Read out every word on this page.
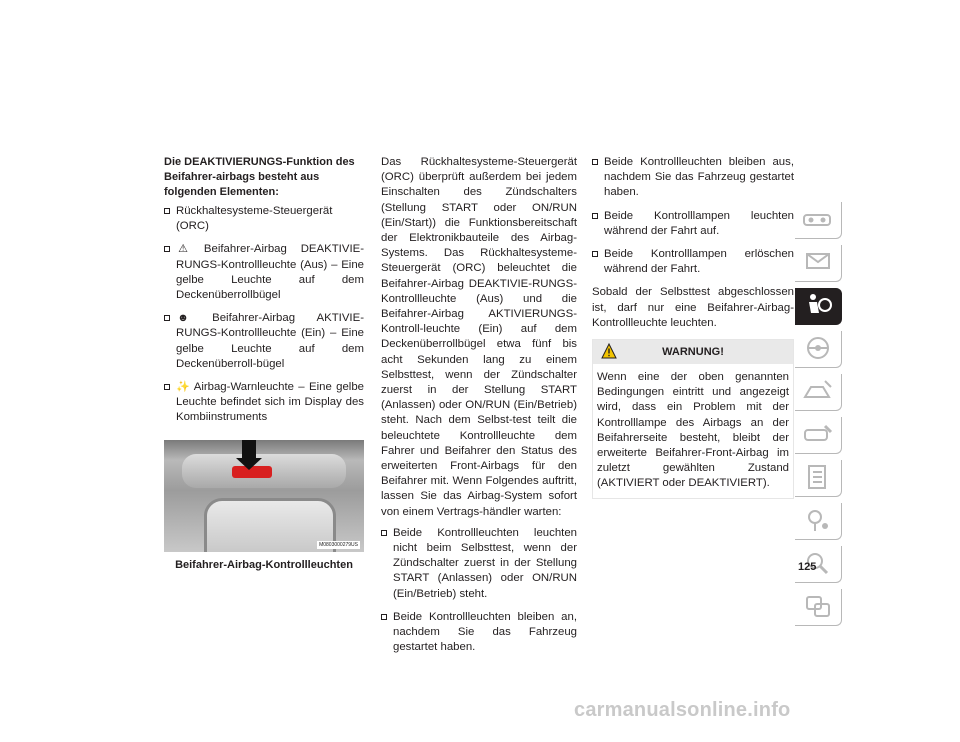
Die DEAKTIVIERUNGS-Funktion des Beifahrer-airbags besteht aus folgenden Elementen:

Rückhaltesysteme-Steuergerät (ORC)
⚠ Beifahrer-Airbag DEAKTIVIE-RUNGS-Kontrollleuchte (Aus) – Eine gelbe Leuchte auf dem Deckenüberrollbügel
☻ Beifahrer-Airbag AKTIVIE-RUNGS-Kontrollleuchte (Ein) – Eine gelbe Leuchte auf dem Deckenüberroll-bügel
✨ Airbag-Warnleuchte – Eine gelbe Leuchte befindet sich im Display des Kombiinstruments
M0803000279US

Beifahrer-Airbag-Kontrollleuchten

Das Rückhaltesysteme-Steuergerät (ORC) überprüft außerdem bei jedem Einschalten des Zündschalters (Stellung START oder ON/RUN (Ein/Start)) die Funktionsbereitschaft der Elektronikbauteile des Airbag-Systems. Das Rückhaltesysteme-Steuergerät (ORC) beleuchtet die Beifahrer-Airbag DEAKTIVIE-RUNGS-Kontrollleuchte (Aus) und die Beifahrer-Airbag AKTIVIERUNGS-Kontroll-leuchte (Ein) auf dem Deckenüberrollbügel etwa fünf bis acht Sekunden lang zu einem Selbsttest, wenn der Zündschalter zuerst in der Stellung START (Anlassen) oder ON/RUN (Ein/Betrieb) steht. Nach dem Selbst-test teilt die beleuchtete Kontrollleuchte dem Fahrer und Beifahrer den Status des erweiterten Front-Airbags für den Beifahrer mit. Wenn Folgendes auftritt, lassen Sie das Airbag-System sofort von einem Vertrags-händler warten:

Beide Kontrollleuchten leuchten nicht beim Selbsttest, wenn der Zündschalter zuerst in der Stellung START (Anlassen) oder ON/RUN (Ein/Betrieb) steht.
Beide Kontrollleuchten bleiben an, nachdem Sie das Fahrzeug gestartet haben.
Beide Kontrollleuchten bleiben aus, nachdem Sie das Fahrzeug gestartet haben.
Beide Kontrolllampen leuchten während der Fahrt auf.
Beide Kontrolllampen erlöschen während der Fahrt.

Sobald der Selbsttest abgeschlossen ist, darf nur eine Beifahrer-Airbag-Kontrollleuchte leuchten.

WARNUNG!

Wenn eine der oben genannten Bedingungen eintritt und angezeigt wird, dass ein Problem mit der Kontrolllampe des Airbags an der Beifahrerseite besteht, bleibt der erweiterte Beifahrer-Front-Airbag im zuletzt gewählten Zustand (AKTIVIERT oder DEAKTIVIERT).

125
carmanualsonline.info
